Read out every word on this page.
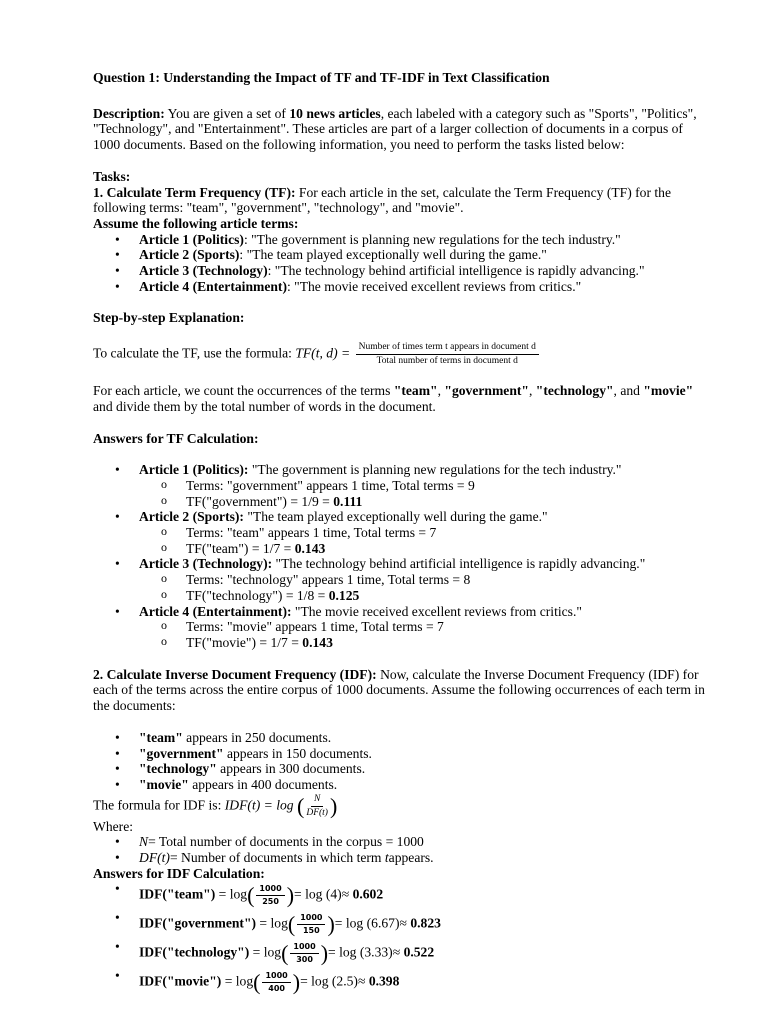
Question 1: Understanding the Impact of TF and TF-IDF in Text Classification

Description: You are given a set of 10 news articles, each labeled with a category such as "Sports", "Politics", "Technology", and "Entertainment". These articles are part of a larger collection of documents in a corpus of 1000 documents. Based on the following information, you need to perform the tasks listed below:

Tasks:

1. Calculate Term Frequency (TF): For each article in the set, calculate the Term Frequency (TF) for the following terms: "team", "government", "technology", and "movie".

Assume the following article terms:

• Article 1 (Politics): "The government is planning new regulations for the tech industry."
• Article 2 (Sports): "The team played exceptionally well during the game."
• Article 3 (Technology): "The technology behind artificial intelligence is rapidly advancing."
• Article 4 (Entertainment): "The movie received excellent reviews from critics."

Step-by-step Explanation:

To calculate the TF, use the formula: TF(t, $d) = \frac{\text{Number of times term t appears in document d}}{\text{Total number of terms in document d}}$

For each article, we count the occurrences of the terms "team", "government", "technology", and "movie" and divide them by the total number of words in the document.

Answers for TF Calculation:

• Article 1 (Politics): "The government is planning new regulations for the tech industry."
o Terms: "government" appears 1 time, Total terms = 9
o TF("government") = 1/9 = 0.111
• Article 2 (Sports): "The team played exceptionally well during the game."
o Terms: "team" appears 1 time, Total terms = 7
o TF("team") = 1/7 = 0.143
• Article 3 (Technology): "The technology behind artificial intelligence is rapidly advancing."
o Terms: "technology" appears 1 time, Total terms = 8
o TF("technology") = 1/8 = 0.125
• Article 4 (Entertainment): "The movie received excellent reviews from critics."
o Terms: "movie" appears 1 time, Total terms = 7
o TF("movie") = 1/7 = 0.143

2. Calculate Inverse Document Frequency (IDF): Now, calculate the Inverse Document Frequency (IDF) for each of the terms across the entire corpus of 1000 documents. Assume the following occurrences of each term in the documents:

• "team" appears in 250 documents.
• "government" appears in 150 documents.
• "technology" appears in 300 documents.
• "movie" appears in 400 documents.

The formula for IDF is: IDF(t) = log ( $\frac{N}{DF(t)}$ )

Where:

• N= Total number of documents in the corpus = 1000
• DF(t)= Number of documents in which term tappears.

Answers for IDF Calculation:

• IDF("team") = $\log( \frac{1000}{250}$ )= log (4)≈ 0.602
• IDF("government") = $\log( \frac{1000}{150}$ )= log (6.67)≈ 0.823
• IDF("technology") = $\log( \frac{1000}{300}$ )= log (3.33)≈ 0.522
• IDF("movie") = $\log( \frac{1000}{400}$ )= log (2.5)≈ 0.398
